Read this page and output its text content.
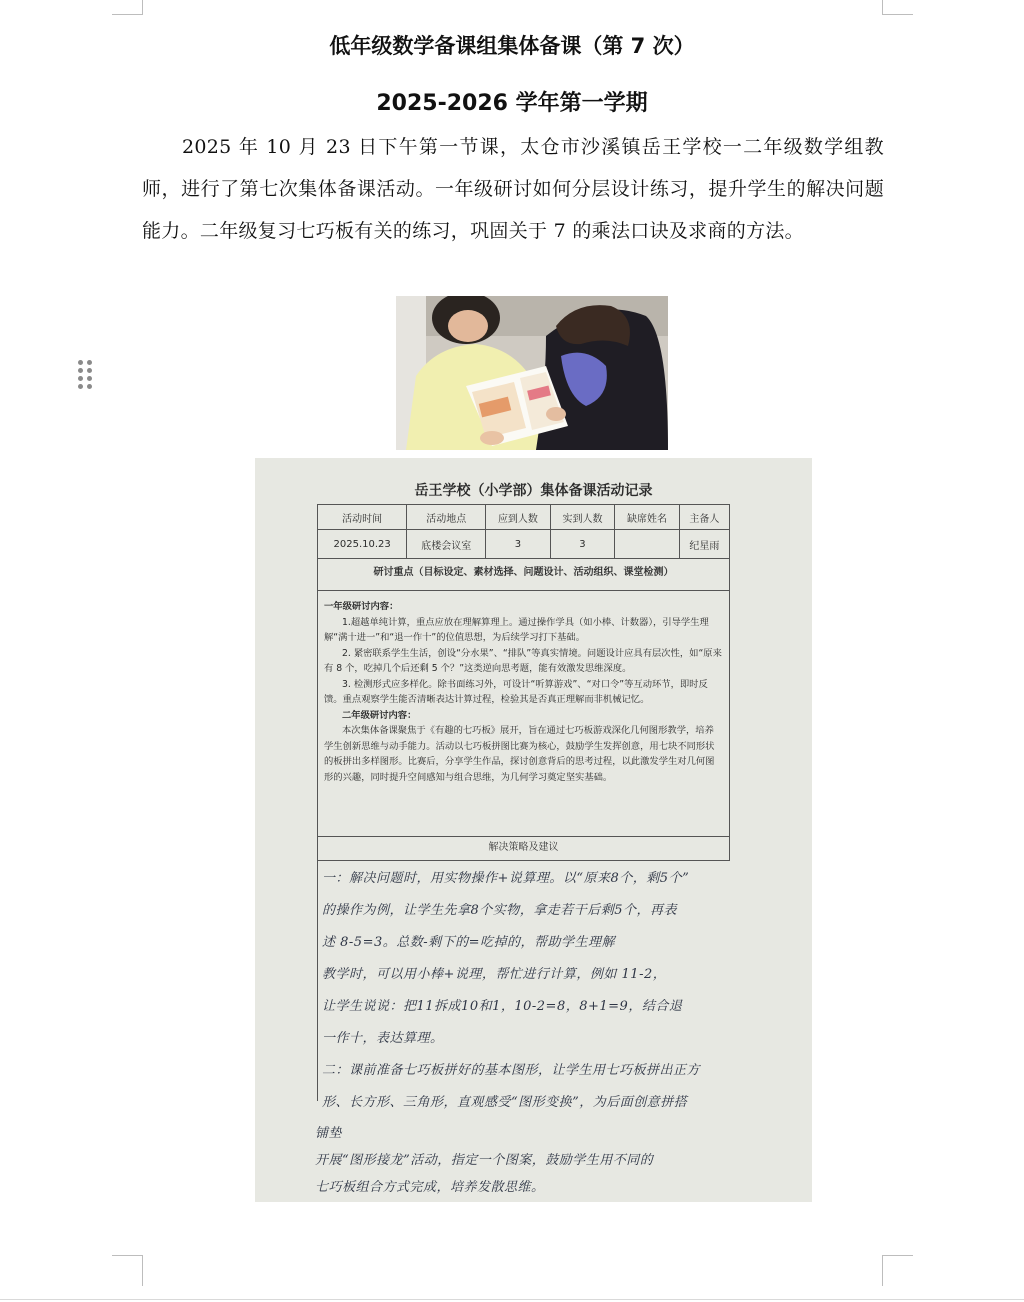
低年级数学备课组集体备课（第 7 次）
2025-2026 学年第一学期
2025 年 10 月 23 日下午第一节课，太仓市沙溪镇岳王学校一二年级数学组教师，进行了第七次集体备课活动。一年级研讨如何分层设计练习，提升学生的解决问题能力。二年级复习七巧板有关的练习，巩固关于 7 的乘法口诀及求商的方法。
岳王学校（小学部）集体备课活动记录
活动时间	活动地点	应到人数	实到人数	缺席姓名	主备人
2025.10.23	底楼会议室	3	3		纪星雨
研讨重点（目标设定、素材选择、问题设计、活动组织、课堂检测）

一年级研讨内容：

1.超越单纯计算，重点应放在理解算理上。通过操作学具（如小棒、计数器），引导学生理解“满十进一”和“退一作十”的位值思想，为后续学习打下基础。

2. 紧密联系学生生活，创设“分水果”、“排队”等真实情境。问题设计应具有层次性，如“原来有 8 个，吃掉几个后还剩 5 个？”这类逆向思考题，能有效激发思维深度。

3. 检测形式应多样化。除书面练习外，可设计“听算游戏”、“对口令”等互动环节，即时反馈。重点观察学生能否清晰表达计算过程，检验其是否真正理解而非机械记忆。

二年级研讨内容：

本次集体备课聚焦于《有趣的七巧板》展开，旨在通过七巧板游戏深化几何图形教学，培养学生创新思维与动手能力。活动以七巧板拼图比赛为核心，鼓励学生发挥创意，用七块不同形状的板拼出多样图形。比赛后，分享学生作品，探讨创意背后的思考过程，以此激发学生对几何图形的兴趣，同时提升空间感知与组合思维，为几何学习奠定坚实基础。

解决策略及建议
一：解决问题时，用实物操作+说算理。以“原来8个，剩5个”
的操作为例，让学生先拿8个实物，拿走若干后剩5个，再表
述 8-5=3。总数-剩下的=吃掉的，帮助学生理解
教学时，可以用小棒+说理，帮忙进行计算，例如 11-2，
让学生说说：把11拆成10和1，10-2=8，8+1=9，结合退
一作十，表达算理。
二：课前准备七巧板拼好的基本图形，让学生用七巧板拼出正方
形、长方形、三角形，直观感受“图形变换”，为后面创意拼搭
铺垫
开展“图形接龙”活动，指定一个图案，鼓励学生用不同的
七巧板组合方式完成，培养发散思维。
